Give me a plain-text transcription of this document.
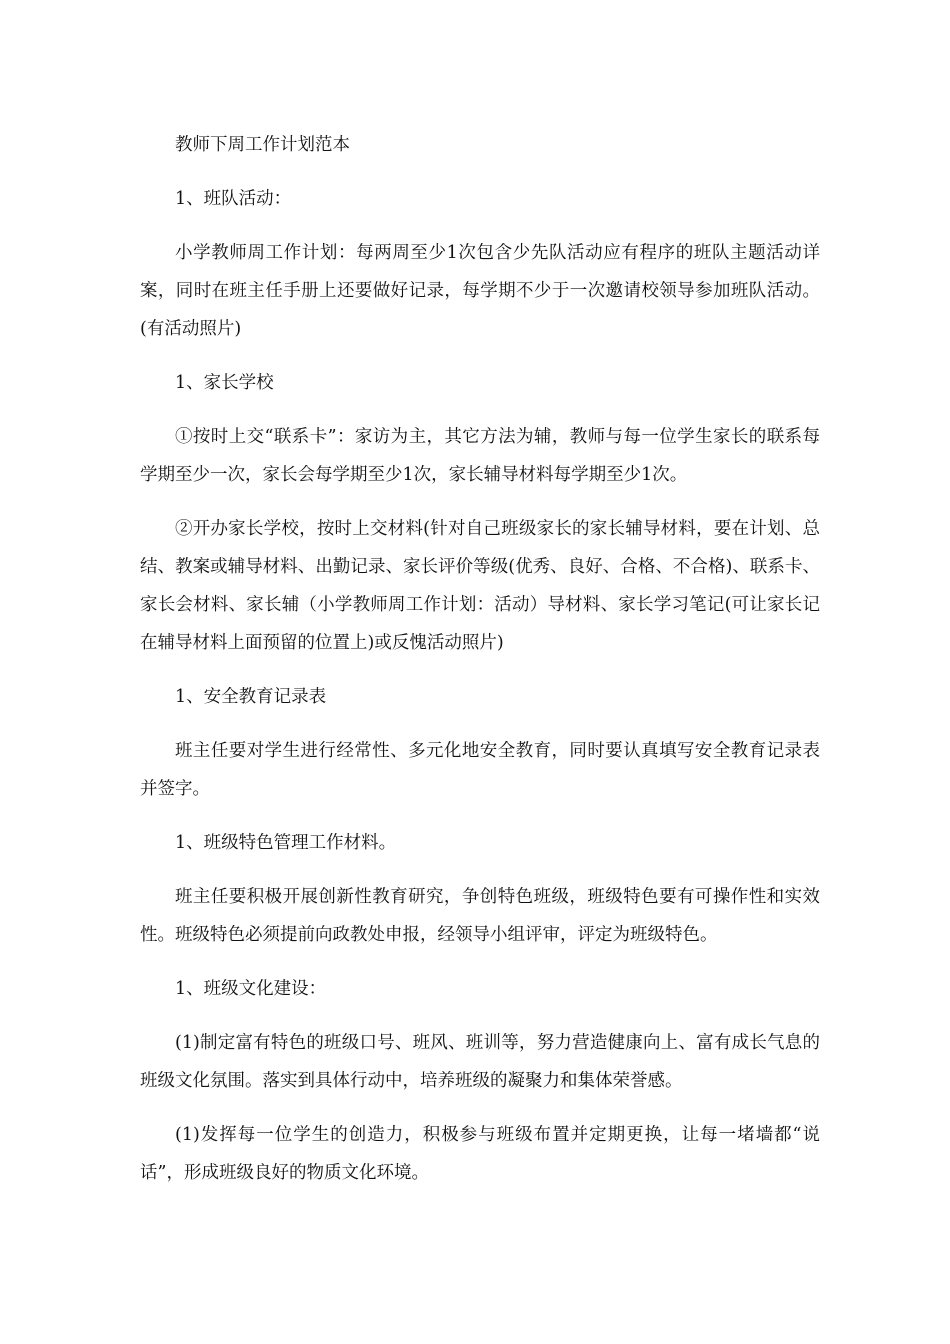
教师下周工作计划范本

1、班队活动：

小学教师周工作计划：每两周至少1次包含少先队活动应有程序的班队主题活动详案，同时在班主任手册上还要做好记录，每学期不少于一次邀请校领导参加班队活动。(有活动照片)

1、家长学校

①按时上交“联系卡”：家访为主，其它方法为辅，教师与每一位学生家长的联系每学期至少一次，家长会每学期至少1次，家长辅导材料每学期至少1次。

②开办家长学校，按时上交材料(针对自己班级家长的家长辅导材料，要在计划、总结、教案或辅导材料、出勤记录、家长评价等级(优秀、良好、合格、不合格)、联系卡、家长会材料、家长辅（小学教师周工作计划：活动）导材料、家长学习笔记(可让家长记在辅导材料上面预留的位置上)或反愧活动照片)

1、安全教育记录表

班主任要对学生进行经常性、多元化地安全教育，同时要认真填写安全教育记录表并签字。

1、班级特色管理工作材料。

班主任要积极开展创新性教育研究，争创特色班级，班级特色要有可操作性和实效性。班级特色必须提前向政教处申报，经领导小组评审，评定为班级特色。

1、班级文化建设：

(1)制定富有特色的班级口号、班风、班训等，努力营造健康向上、富有成长气息的班级文化氛围。落实到具体行动中，培养班级的凝聚力和集体荣誉感。

(1)发挥每一位学生的创造力，积极参与班级布置并定期更换，让每一堵墙都“说话”，形成班级良好的物质文化环境。
